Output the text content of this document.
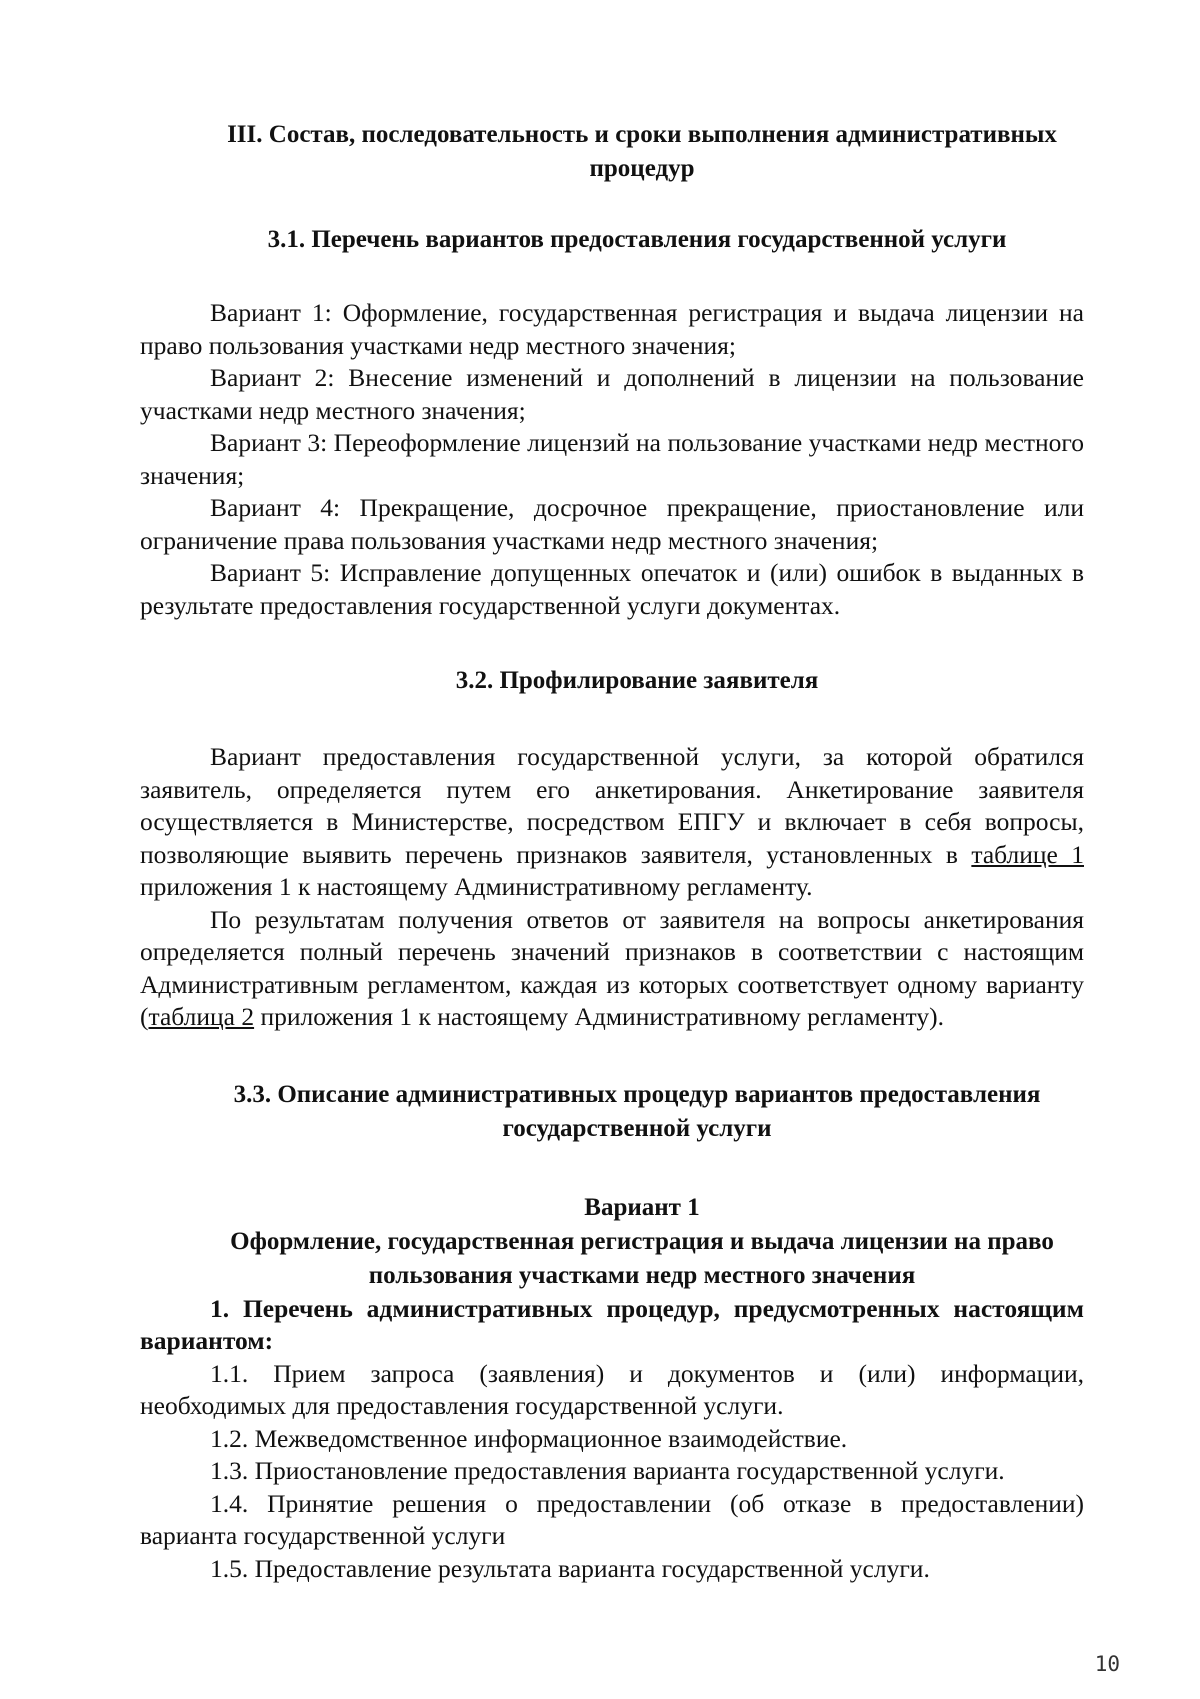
III. Состав, последовательность и сроки выполнения административных процедур
3.1. Перечень вариантов предоставления государственной услуги

Вариант 1: Оформление, государственная регистрация и выдача лицензии на право пользования участками недр местного значения;

Вариант 2: Внесение изменений и дополнений в лицензии на пользование участками недр местного значения;

Вариант 3: Переоформление лицензий на пользование участками недр местного значения;

Вариант 4: Прекращение, досрочное прекращение, приостановление или ограничение права пользования участками недр местного значения;

Вариант 5: Исправление допущенных опечаток и (или) ошибок в выданных в результате предоставления государственной услуги документах.

3.2. Профилирование заявителя

Вариант предоставления государственной услуги, за которой обратился заявитель, определяется путем его анкетирования. Анкетирование заявителя осуществляется в Министерстве, посредством ЕПГУ и включает в себя вопросы, позволяющие выявить перечень признаков заявителя, установленных в таблице 1 приложения 1 к настоящему Административному регламенту.

По результатам получения ответов от заявителя на вопросы анкетирования определяется полный перечень значений признаков в соответствии с настоящим Административным регламентом, каждая из которых соответствует одному варианту (таблица 2 приложения 1 к настоящему Административному регламенту).

3.3. Описание административных процедур вариантов предоставления государственной услуги
Вариант 1
Оформление, государственная регистрация и выдача лицензии на право пользования участками недр местного значения

1. Перечень административных процедур, предусмотренных настоящим вариантом:

1.1. Прием запроса (заявления) и документов и (или) информации, необходимых для предоставления государственной услуги.

1.2. Межведомственное информационное взаимодействие.

1.3. Приостановление предоставления варианта государственной услуги.

1.4. Принятие решения о предоставлении (об отказе в предоставлении) варианта государственной услуги

1.5. Предоставление результата варианта государственной услуги.

10
